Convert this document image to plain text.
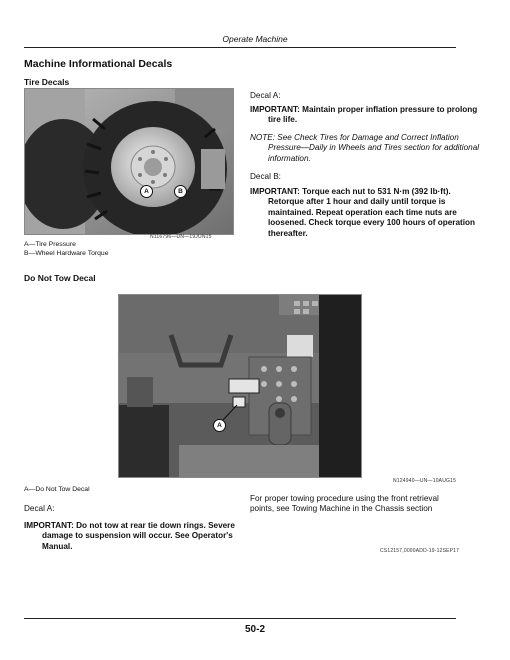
Operate Machine
Machine Informational Decals
Tire Decals
A	B
N116796—UN—19JUN15
A—Tire Pressure
B—Wheel Hardware Torque
Decal A:
IMPORTANT: Maintain proper inflation pressure to prolong tire life.
NOTE: See Check Tires for Damage and Correct Inflation Pressure—Daily in Wheels and Tires section for additional information.
Decal B:
IMPORTANT: Torque each nut to 531 N·m (392 lb·ft). Retorque after 1 hour and daily until torque is maintained. Repeat operation each time nuts are loosened. Check torque every 100 hours of operation thereafter.
Do Not Tow Decal
A
N124940—UN—10AUG15
A—Do Not Tow Decal
Decal A:
IMPORTANT: Do not tow at rear tie down rings. Severe damage to suspension will occur. See Operator's Manual.
For proper towing procedure using the front retrieval points, see Towing Machine in the Chassis section
CS12157,0000ADD-19-12SEP17
50-2
